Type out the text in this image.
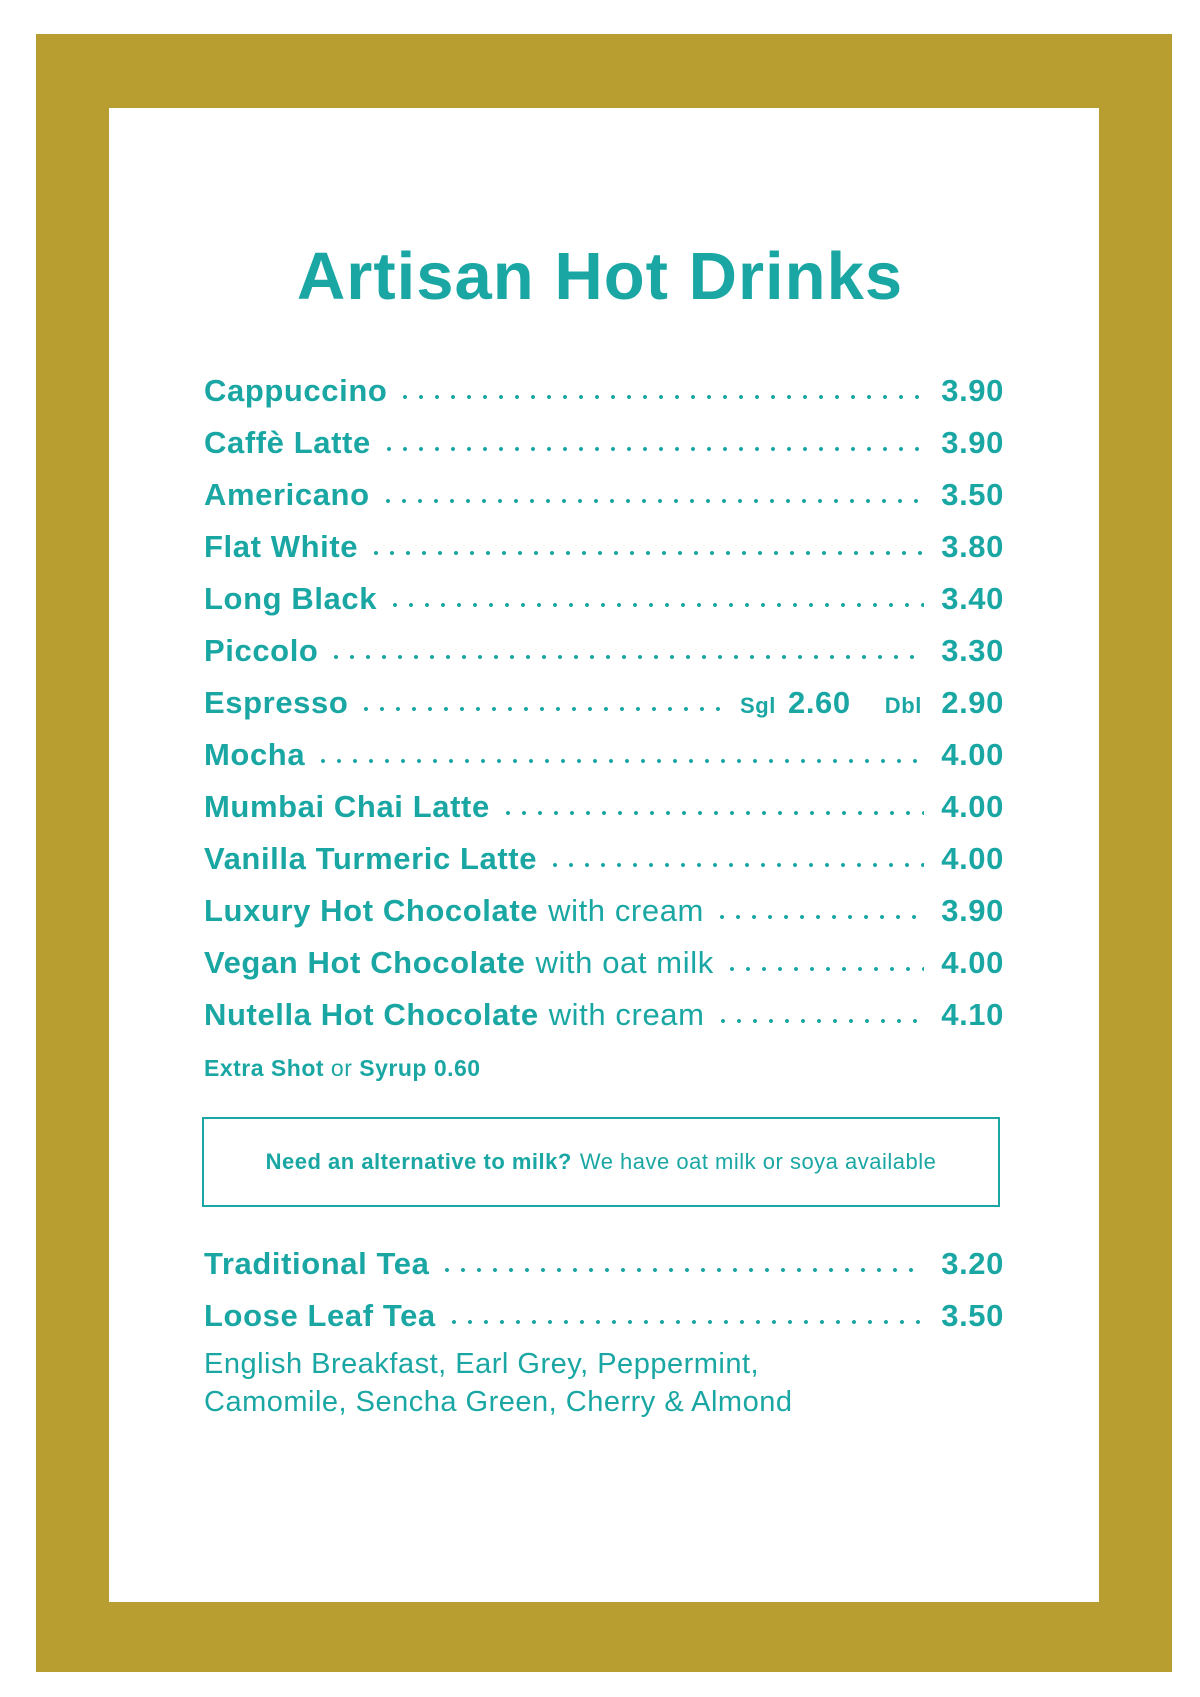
Artisan Hot Drinks
Cappuccino	3.90
Caffè Latte	3.90
Americano	3.50
Flat White	3.80
Long Black	3.40
Piccolo	3.30
Espresso	Sgl 2.60 Dbl 2.90
Mocha	4.00
Mumbai Chai Latte	4.00
Vanilla Turmeric Latte	4.00
Luxury Hot Chocolate with cream	3.90
Vegan Hot Chocolate with oat milk	4.00
Nutella Hot Chocolate with cream	4.10
Extra Shot or Syrup 0.60
Need an alternative to milk? We have oat milk or soya available
Traditional Tea	3.20
Loose Leaf Tea	3.50
English Breakfast, Earl Grey, Peppermint,
Camomile, Sencha Green, Cherry & Almond
